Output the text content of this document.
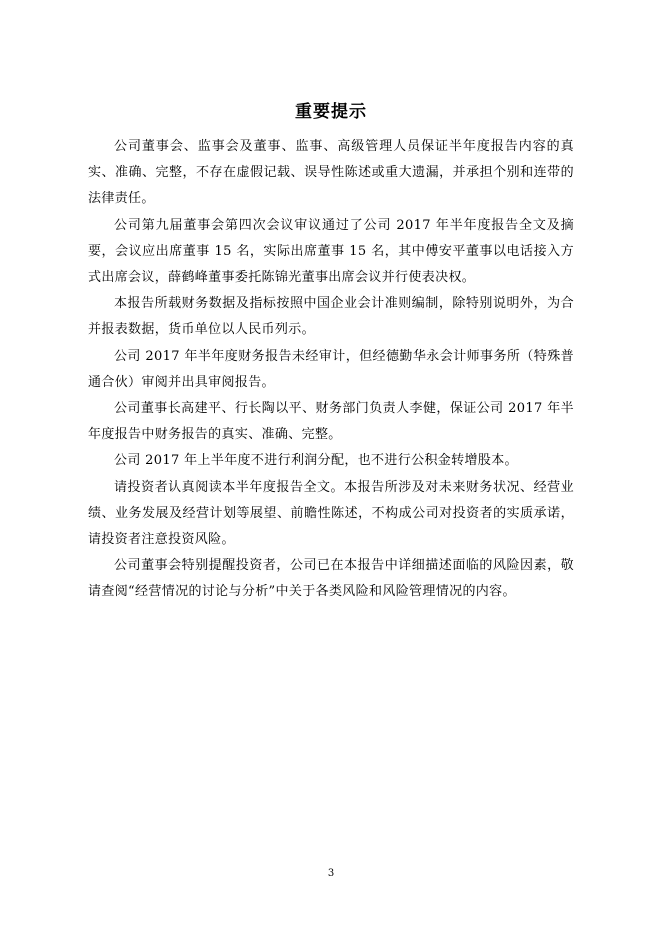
重要提示

公司董事会、监事会及董事、监事、高级管理人员保证半年度报告内容的真实、准确、完整，不存在虚假记载、误导性陈述或重大遗漏，并承担个别和连带的法律责任。

公司第九届董事会第四次会议审议通过了公司 2017 年半年度报告全文及摘要，会议应出席董事 15 名，实际出席董事 15 名，其中傅安平董事以电话接入方式出席会议，薛鹤峰董事委托陈锦光董事出席会议并行使表决权。

本报告所载财务数据及指标按照中国企业会计准则编制，除特别说明外，为合并报表数据，货币单位以人民币列示。

公司 2017 年半年度财务报告未经审计，但经德勤华永会计师事务所（特殊普通合伙）审阅并出具审阅报告。

公司董事长高建平、行长陶以平、财务部门负责人李健，保证公司 2017 年半年度报告中财务报告的真实、准确、完整。

公司 2017 年上半年度不进行利润分配，也不进行公积金转增股本。

请投资者认真阅读本半年度报告全文。本报告所涉及对未来财务状况、经营业绩、业务发展及经营计划等展望、前瞻性陈述，不构成公司对投资者的实质承诺，请投资者注意投资风险。

公司董事会特别提醒投资者，公司已在本报告中详细描述面临的风险因素，敬请查阅“经营情况的讨论与分析”中关于各类风险和风险管理情况的内容。

3
